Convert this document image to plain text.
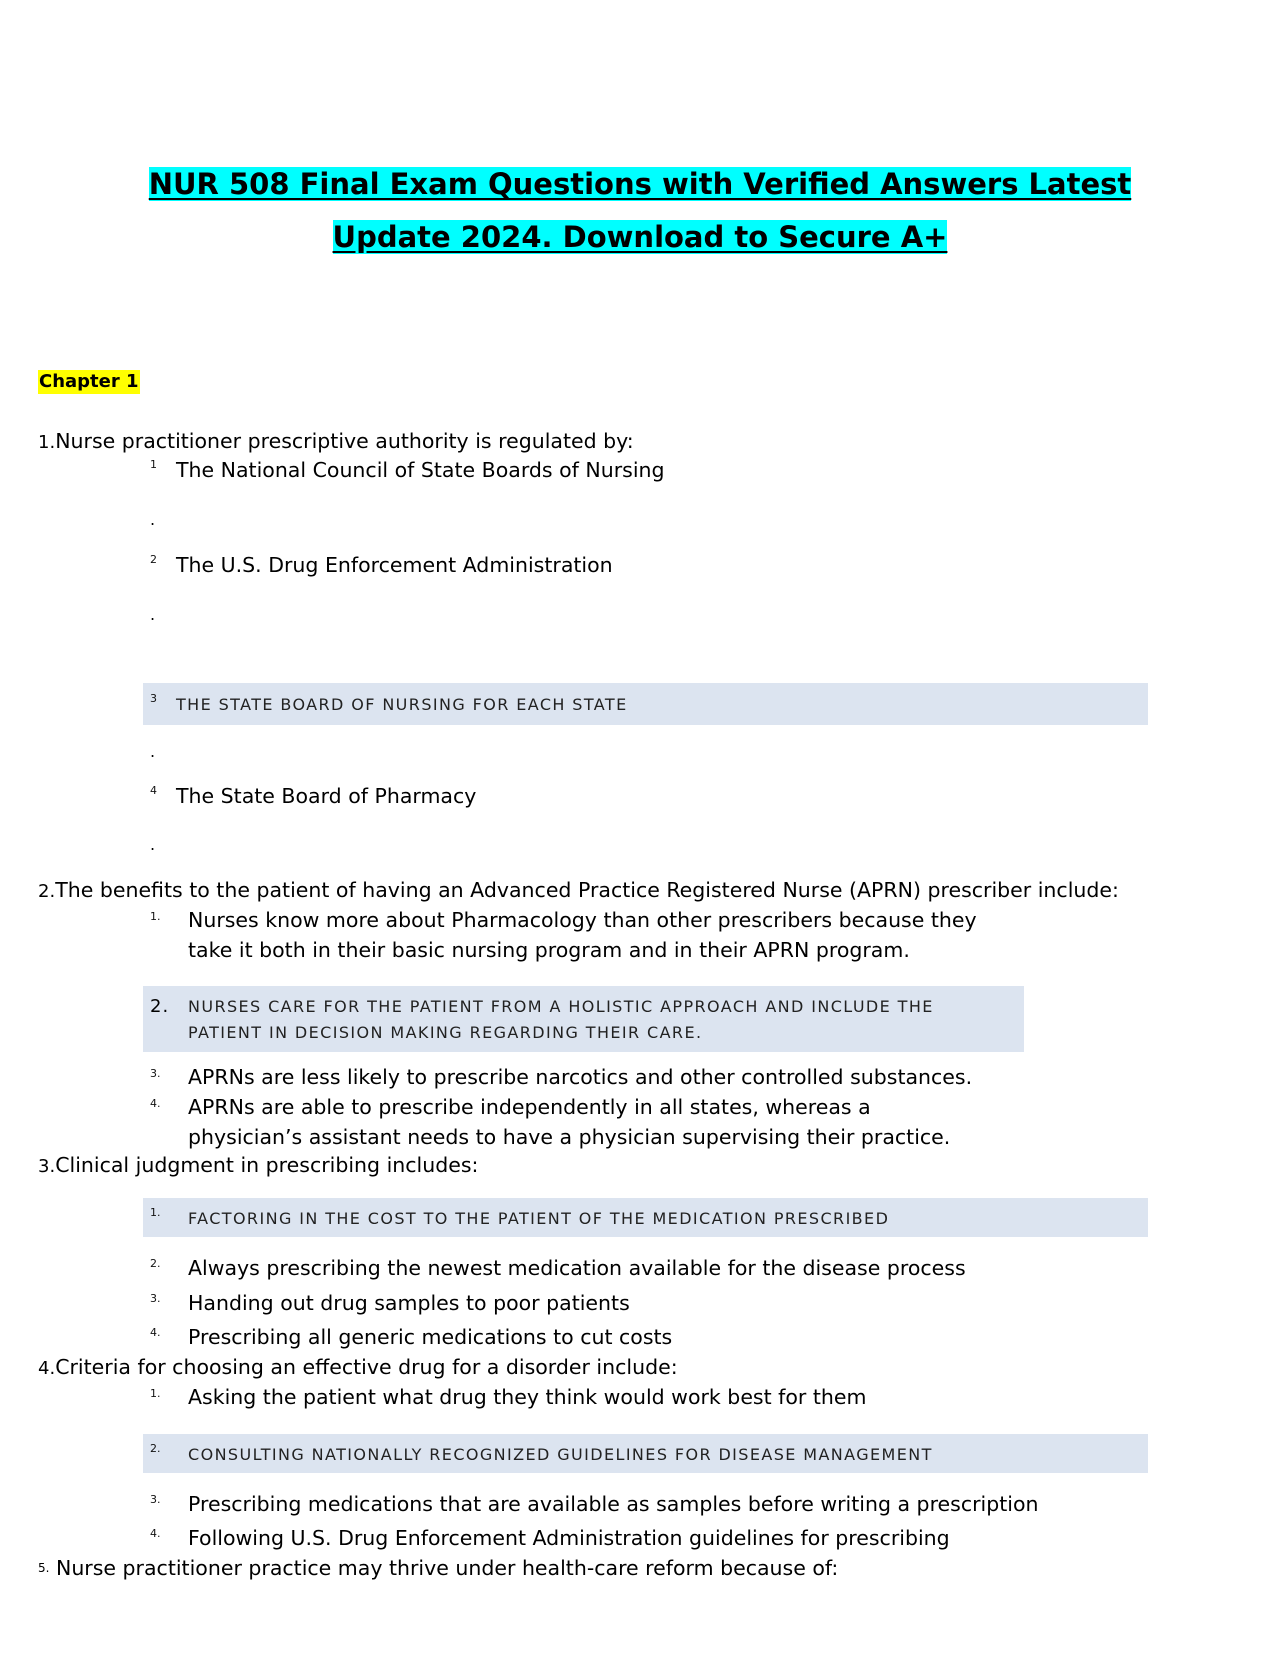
NUR 508 Final Exam Questions with Verified Answers Latest
Update 2024. Download to Secure A+
Chapter 1
1.Nurse practitioner prescriptive authority is regulated by:
1 The National Council of State Boards of Nursing
.
2 The U.S. Drug Enforcement Administration
.
3 THE STATE BOARD OF NURSING FOR EACH STATE
.
4 The State Board of Pharmacy
.
2.The benefits to the patient of having an Advanced Practice Registered Nurse (APRN) prescriber include:
1. Nurses know more about Pharmacology than other prescribers because they
take it both in their basic nursing program and in their APRN program.
2. NURSES CARE FOR THE PATIENT FROM A HOLISTIC APPROACH AND INCLUDE THE
PATIENT IN DECISION MAKING REGARDING THEIR CARE.
3. APRNs are less likely to prescribe narcotics and other controlled substances.
4. APRNs are able to prescribe independently in all states, whereas a
physician’s assistant needs to have a physician supervising their practice.
3.Clinical judgment in prescribing includes:
1. FACTORING IN THE COST TO THE PATIENT OF THE MEDICATION PRESCRIBED
2. Always prescribing the newest medication available for the disease process
3. Handing out drug samples to poor patients
4. Prescribing all generic medications to cut costs
4.Criteria for choosing an effective drug for a disorder include:
1. Asking the patient what drug they think would work best for them
2. CONSULTING NATIONALLY RECOGNIZED GUIDELINES FOR DISEASE MANAGEMENT
3. Prescribing medications that are available as samples before writing a prescription
4. Following U.S. Drug Enforcement Administration guidelines for prescribing
$^{5.}$ Nurse practitioner practice may thrive under health-care reform because of:
